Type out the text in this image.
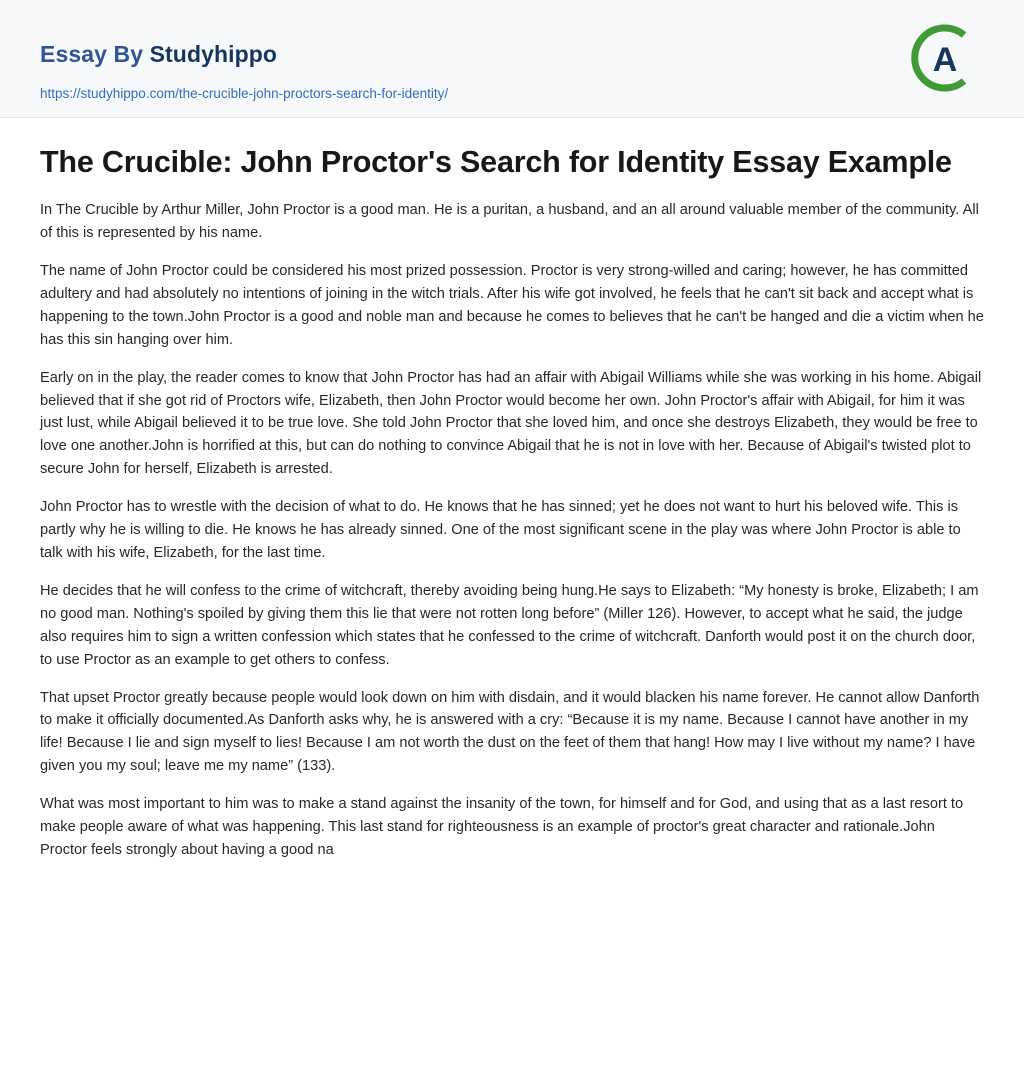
Essay By Studyhippo
https://studyhippo.com/the-crucible-john-proctors-search-for-identity/
A
The Crucible: John Proctor's Search for Identity Essay Example

In The Crucible by Arthur Miller, John Proctor is a good man. He is a puritan, a husband, and an all around valuable member of the community. All of this is represented by his name.

The name of John Proctor could be considered his most prized possession. Proctor is very strong-willed and caring; however, he has committed adultery and had absolutely no intentions of joining in the witch trials. After his wife got involved, he feels that he can't sit back and accept what is happening to the town.John Proctor is a good and noble man and because he comes to believes that he can't be hanged and die a victim when he has this sin hanging over him.

Early on in the play, the reader comes to know that John Proctor has had an affair with Abigail Williams while she was working in his home. Abigail believed that if she got rid of Proctors wife, Elizabeth, then John Proctor would become her own. John Proctor's affair with Abigail, for him it was just lust, while Abigail believed it to be true love. She told John Proctor that she loved him, and once she destroys Elizabeth, they would be free to love one another.John is horrified at this, but can do nothing to convince Abigail that he is not in love with her. Because of Abigail's twisted plot to secure John for herself, Elizabeth is arrested.

John Proctor has to wrestle with the decision of what to do. He knows that he has sinned; yet he does not want to hurt his beloved wife. This is partly why he is willing to die. He knows he has already sinned. One of the most significant scene in the play was where John Proctor is able to talk with his wife, Elizabeth, for the last time.

He decides that he will confess to the crime of witchcraft, thereby avoiding being hung.He says to Elizabeth: “My honesty is broke, Elizabeth; I am no good man. Nothing's spoiled by giving them this lie that were not rotten long before” (Miller 126). However, to accept what he said, the judge also requires him to sign a written confession which states that he confessed to the crime of witchcraft. Danforth would post it on the church door, to use Proctor as an example to get others to confess.

That upset Proctor greatly because people would look down on him with disdain, and it would blacken his name forever. He cannot allow Danforth to make it officially documented.As Danforth asks why, he is answered with a cry: “Because it is my name. Because I cannot have another in my life! Because I lie and sign myself to lies! Because I am not worth the dust on the feet of them that hang! How may I live without my name? I have given you my soul; leave me my name” (133).

What was most important to him was to make a stand against the insanity of the town, for himself and for God, and using that as a last resort to make people aware of what was happening. This last stand for righteousness is an example of proctor's great character and rationale.John Proctor feels strongly about having a good na
